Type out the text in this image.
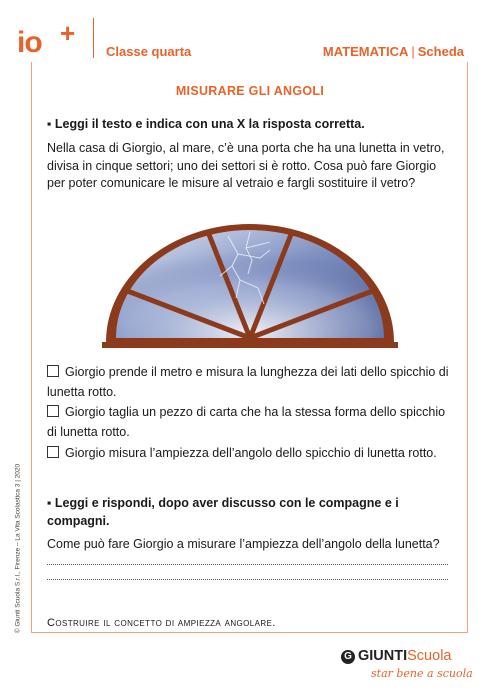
io +
Classe quarta	MATEMATICA | Scheda
MISURARE GLI ANGOLI
▪ Leggi il testo e indica con una X la risposta corretta.
Nella casa di Giorgio, al mare, c’è una porta che ha una lunetta in vetro, divisa in cinque settori; uno dei settori si è rotto. Cosa può fare Giorgio per poter comunicare le misure al vetraio e fargli sostituire il vetro?
Giorgio prende il metro e misura la lunghezza dei lati dello spicchio di lunetta rotto.
Giorgio taglia un pezzo di carta che ha la stessa forma dello spicchio di lunetta rotto.
Giorgio misura l’ampiezza dell’angolo dello spicchio di lunetta rotto.
▪ Leggi e rispondi, dopo aver discusso con le compagne e i compagni.
Come può fare Giorgio a misurare l’ampiezza dell’angolo della lunetta?
Costruire il concetto di ampiezza angolare.
© Giunti Scuola S.r.l., Firenze – La Vita Scolastica 3 | 2020
G GIUNTIScuola
star bene a scuola
